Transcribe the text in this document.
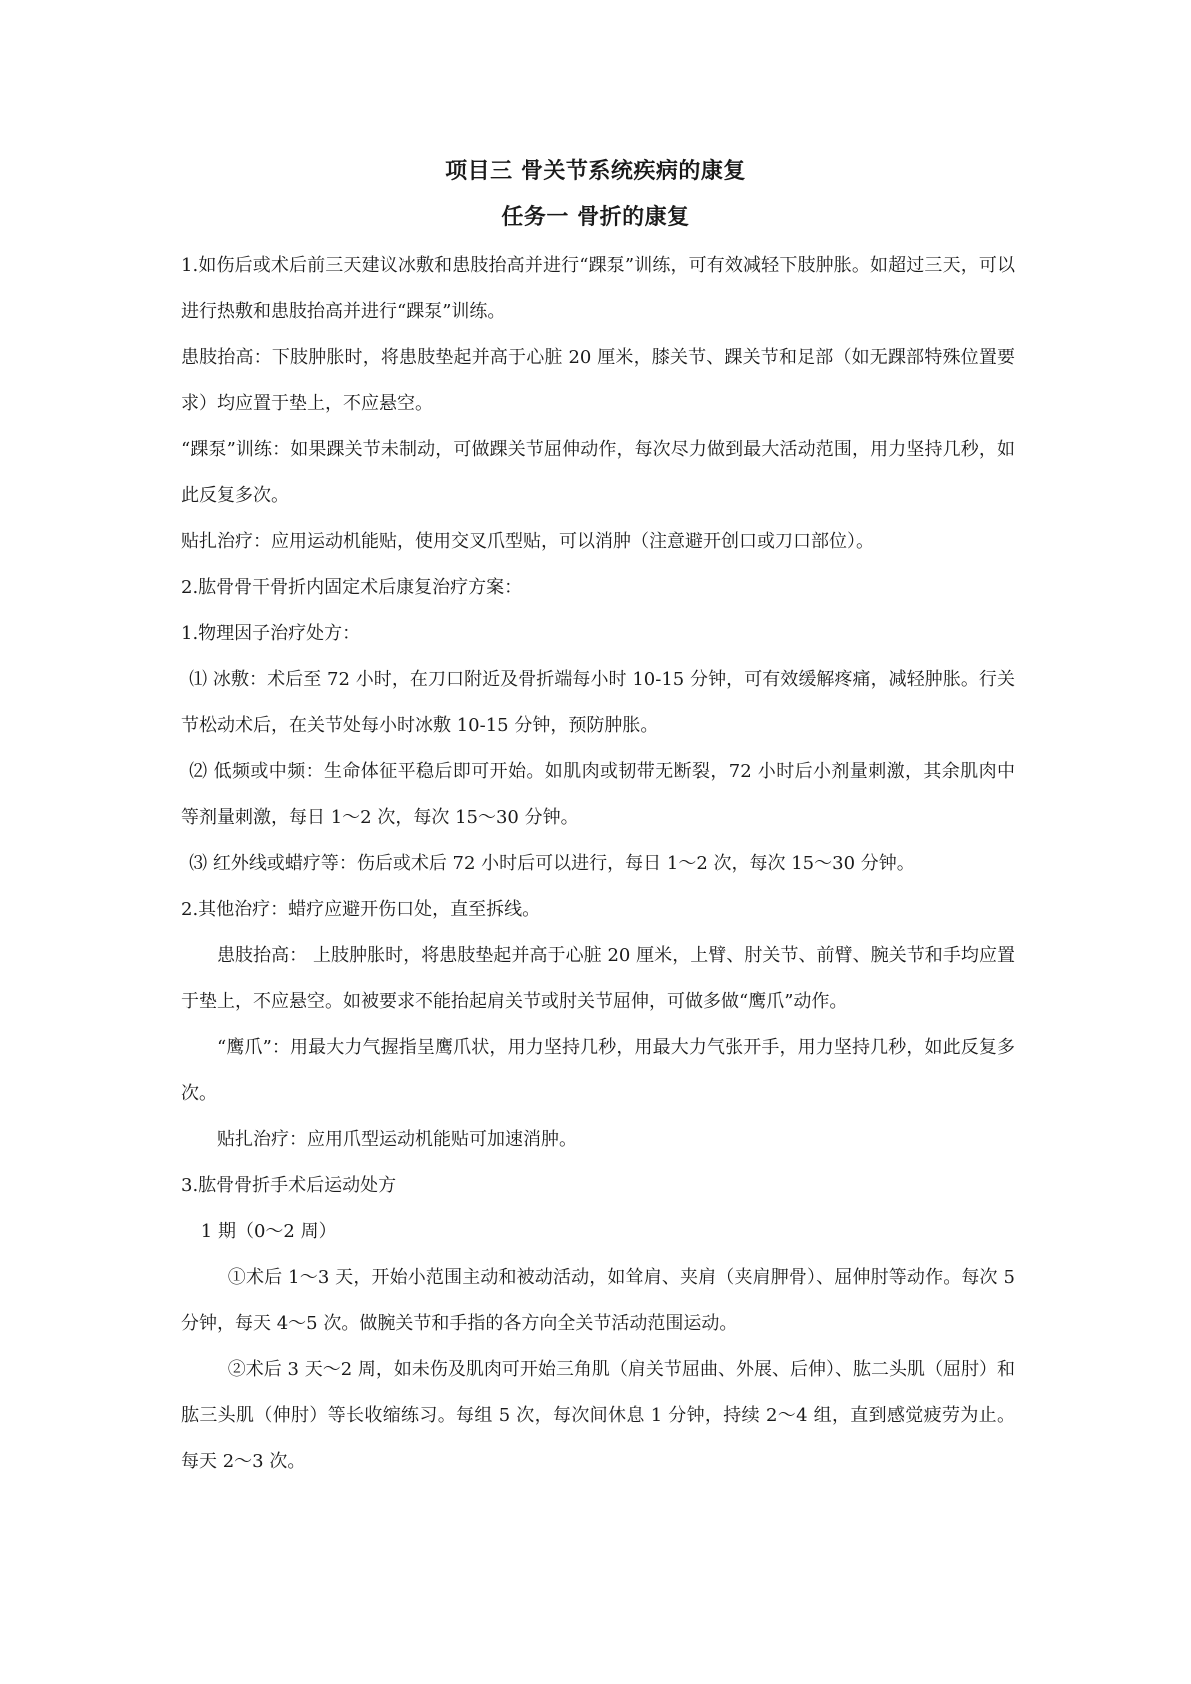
项目三 骨关节系统疾病的康复
任务一 骨折的康复

1.如伤后或术后前三天建议冰敷和患肢抬高并进行“踝泵”训练，可有效减轻下肢肿胀。如超过三天，可以进行热敷和患肢抬高并进行“踝泵”训练。

患肢抬高：下肢肿胀时，将患肢垫起并高于心脏 20 厘米，膝关节、踝关节和足部（如无踝部特殊位置要求）均应置于垫上，不应悬空。

“踝泵”训练：如果踝关节未制动，可做踝关节屈伸动作，每次尽力做到最大活动范围，用力坚持几秒，如此反复多次。

贴扎治疗：应用运动机能贴，使用交叉爪型贴，可以消肿（注意避开创口或刀口部位）。

2.肱骨骨干骨折内固定术后康复治疗方案：

1.物理因子治疗处方：

⑴ 冰敷：术后至 72 小时，在刀口附近及骨折端每小时 10-15 分钟，可有效缓解疼痛，减轻肿胀。行关节松动术后，在关节处每小时冰敷 10-15 分钟，预防肿胀。

⑵ 低频或中频：生命体征平稳后即可开始。如肌肉或韧带无断裂，72 小时后小剂量刺激，其余肌肉中等剂量刺激，每日 1～2 次，每次 15～30 分钟。

⑶ 红外线或蜡疗等：伤后或术后 72 小时后可以进行，每日 1～2 次，每次 15～30 分钟。

2.其他治疗：蜡疗应避开伤口处，直至拆线。

患肢抬高： 上肢肿胀时，将患肢垫起并高于心脏 20 厘米，上臂、肘关节、前臂、腕关节和手均应置于垫上，不应悬空。如被要求不能抬起肩关节或肘关节屈伸，可做多做“鹰爪”动作。

“鹰爪”：用最大力气握指呈鹰爪状，用力坚持几秒，用最大力气张开手，用力坚持几秒，如此反复多次。

贴扎治疗：应用爪型运动机能贴可加速消肿。

3.肱骨骨折手术后运动处方

1 期（0～2 周）

①术后 1～3 天，开始小范围主动和被动活动，如耸肩、夹肩（夹肩胛骨）、屈伸肘等动作。每次 5 分钟，每天 4～5 次。做腕关节和手指的各方向全关节活动范围运动。

②术后 3 天～2 周，如未伤及肌肉可开始三角肌（肩关节屈曲、外展、后伸）、肱二头肌（屈肘）和肱三头肌（伸肘）等长收缩练习。每组 5 次，每次间休息 1 分钟，持续 2～4 组，直到感觉疲劳为止。每天 2～3 次。
